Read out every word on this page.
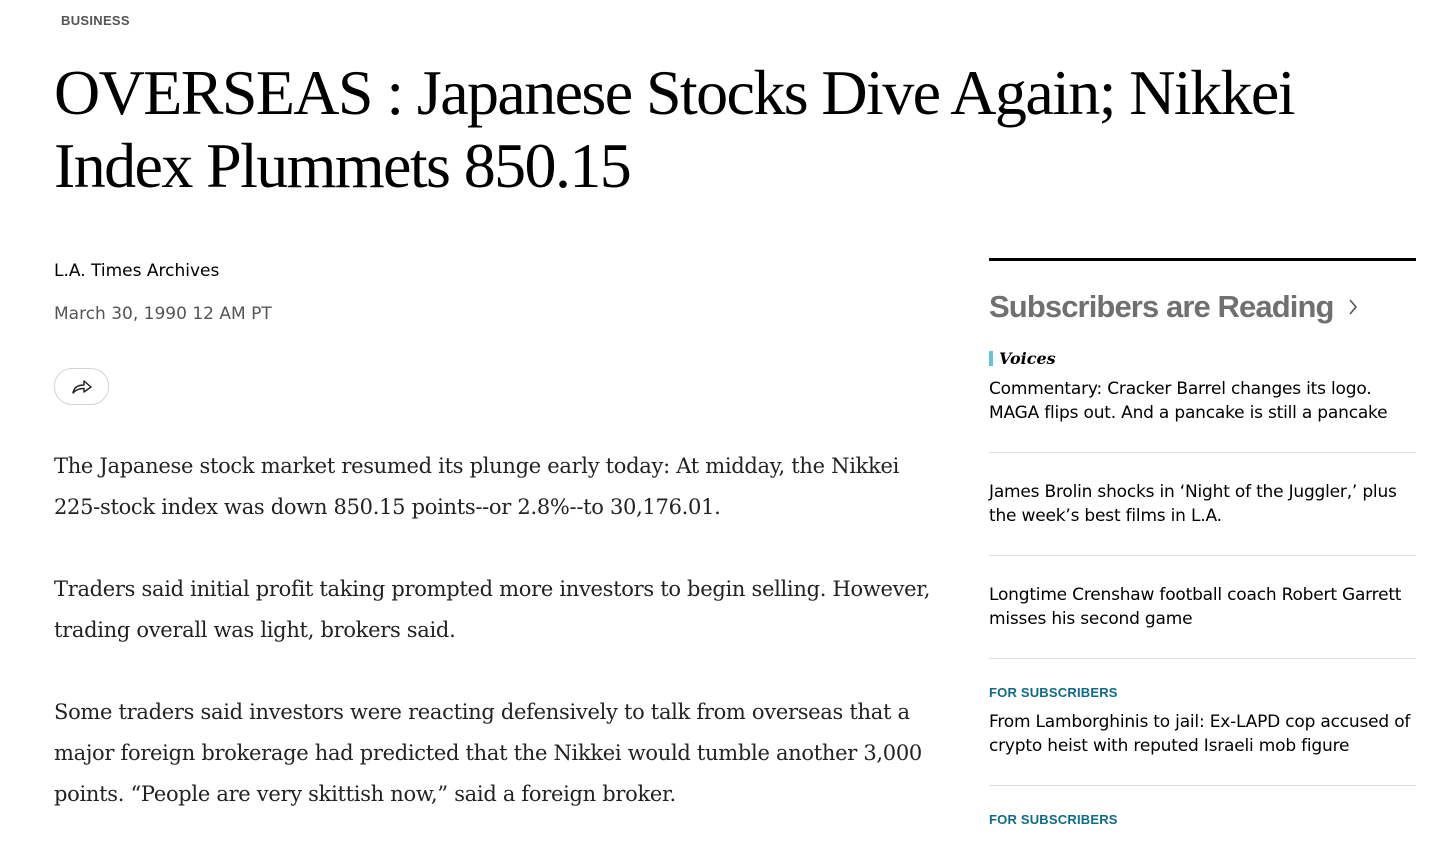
BUSINESS
OVERSEAS : Japanese Stocks Dive Again; Nikkei Index Plummets 850.15
L.A. Times Archives
March 30, 1990 12 AM PT

The Japanese stock market resumed its plunge early today: At midday, the Nikkei 225-stock index was down 850.15 points--or 2.8%--to 30,176.01.

Traders said initial profit taking prompted more investors to begin selling. However, trading overall was light, brokers said.

Some traders said investors were reacting defensively to talk from overseas that a major foreign brokerage had predicted that the Nikkei would tumble another 3,000 points. “People are very skittish now,” said a foreign broker.

Subscribers are Reading
Voices
Commentary: Cracker Barrel changes its logo. MAGA flips out. And a pancake is still a pancake
James Brolin shocks in ‘Night of the Juggler,’ plus the week’s best films in L.A.
Longtime Crenshaw football coach Robert Garrett misses his second game
FOR SUBSCRIBERS
From Lamborghinis to jail: Ex-LAPD cop accused of crypto heist with reputed Israeli mob figure
FOR SUBSCRIBERS
